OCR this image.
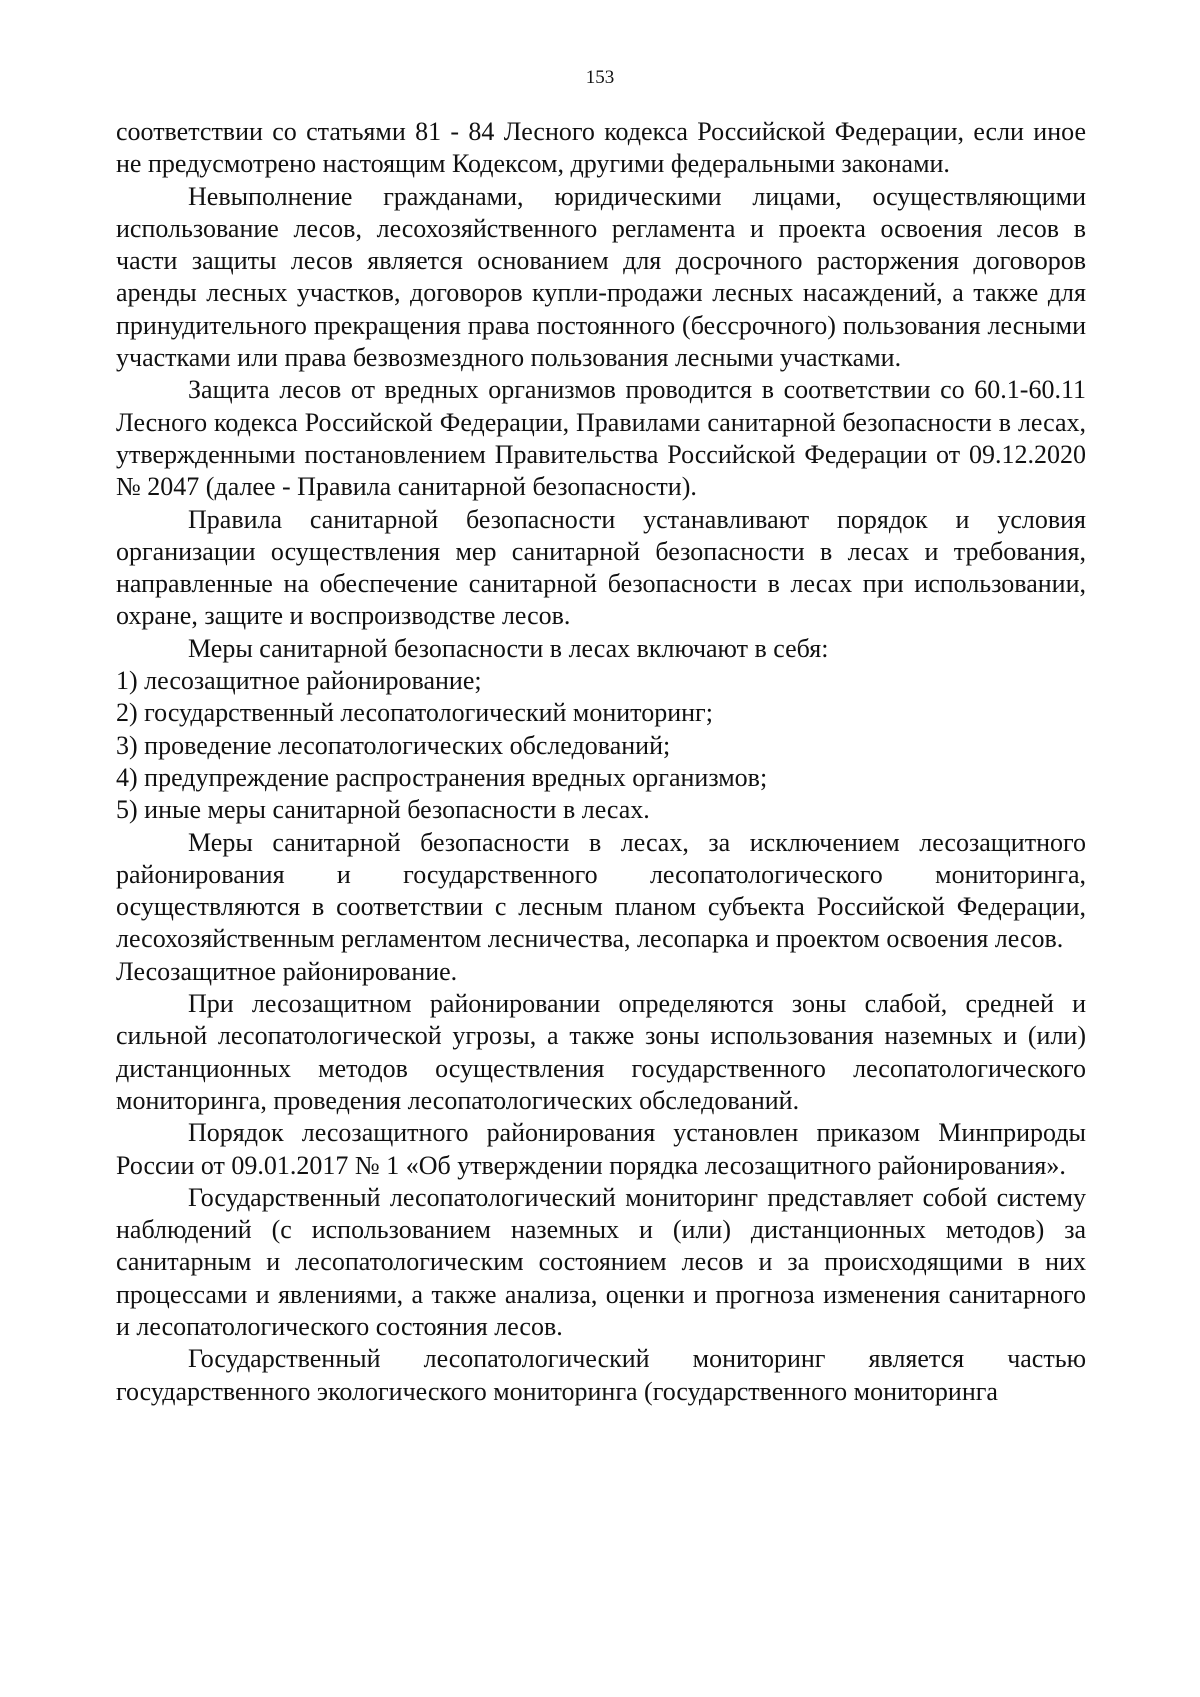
153

соответствии со статьями 81 - 84 Лесного кодекса Российской Федерации, если иное не предусмотрено настоящим Кодексом, другими федеральными законами.

Невыполнение гражданами, юридическими лицами, осуществляющими использование лесов, лесохозяйственного регламента и проекта освоения лесов в части защиты лесов является основанием для досрочного расторжения договоров аренды лесных участков, договоров купли-продажи лесных насаждений, а также для принудительного прекращения права постоянного (бессрочного) пользования лесными участками или права безвозмездного пользования лесными участками.

Защита лесов от вредных организмов проводится в соответствии со 60.1-60.11 Лесного кодекса Российской Федерации, Правилами санитарной безопасности в лесах, утвержденными постановлением Правительства Российской Федерации от 09.12.2020 № 2047 (далее - Правила санитарной безопасности).

Правила санитарной безопасности устанавливают порядок и условия организации осуществления мер санитарной безопасности в лесах и требования, направленные на обеспечение санитарной безопасности в лесах при использовании, охране, защите и воспроизводстве лесов.

Меры санитарной безопасности в лесах включают в себя:

1) лесозащитное районирование;

2) государственный лесопатологический мониторинг;

3) проведение лесопатологических обследований;

4) предупреждение распространения вредных организмов;

5) иные меры санитарной безопасности в лесах.

Меры санитарной безопасности в лесах, за исключением лесозащитного районирования и государственного лесопатологического мониторинга, осуществляются в соответствии с лесным планом субъекта Российской Федерации, лесохозяйственным регламентом лесничества, лесопарка и проектом освоения лесов.

Лесозащитное районирование.

При лесозащитном районировании определяются зоны слабой, средней и сильной лесопатологической угрозы, а также зоны использования наземных и (или) дистанционных методов осуществления государственного лесопатологического мониторинга, проведения лесопатологических обследований.

Порядок лесозащитного районирования установлен приказом Минприроды России от 09.01.2017 № 1 «Об утверждении порядка лесозащитного районирования».

Государственный лесопатологический мониторинг представляет собой систему наблюдений (с использованием наземных и (или) дистанционных методов) за санитарным и лесопатологическим состоянием лесов и за происходящими в них процессами и явлениями, а также анализа, оценки и прогноза изменения санитарного и лесопатологического состояния лесов.

Государственный лесопатологический мониторинг является частью государственного экологического мониторинга (государственного мониторинга
